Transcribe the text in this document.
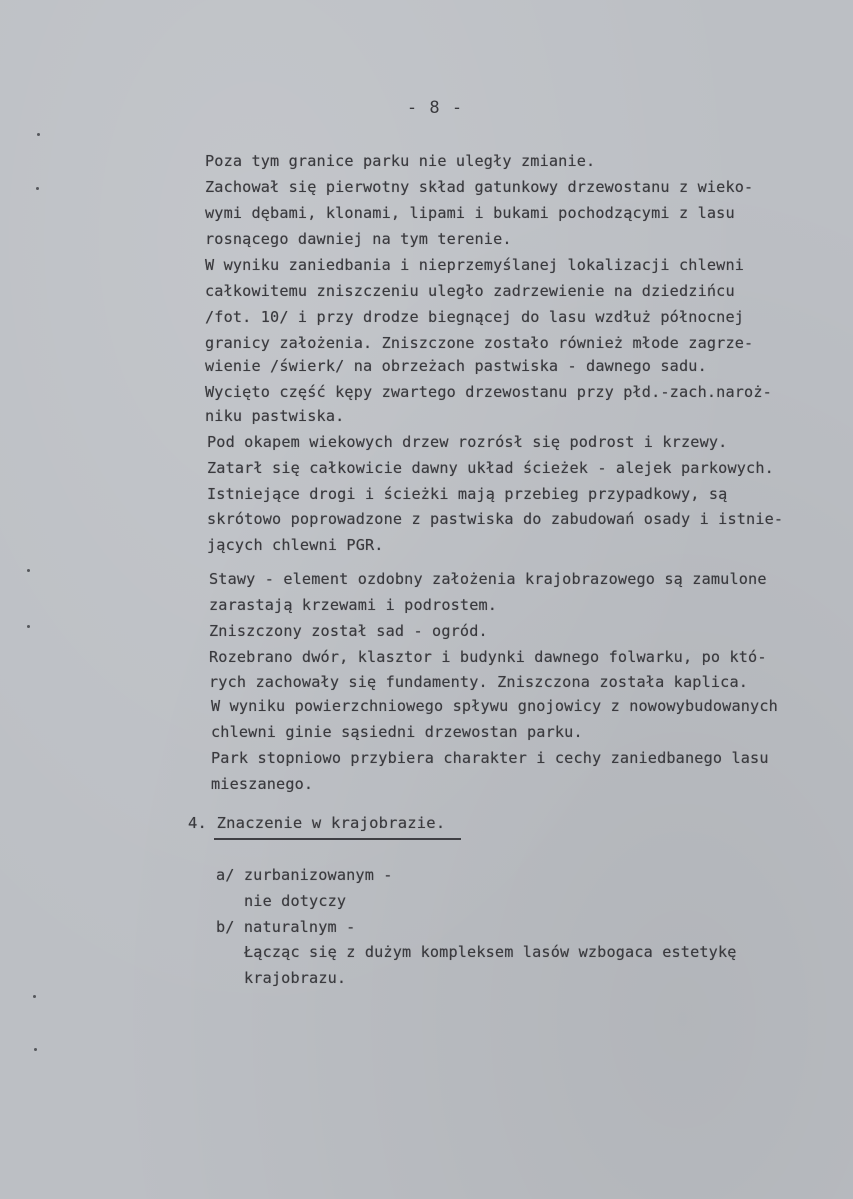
- 8 -
Poza tym granice parku nie uległy zmianie.
Zachował się pierwotny skład gatunkowy drzewostanu z wieko-
wymi dębami, klonami, lipami i bukami pochodzącymi z lasu
rosnącego dawniej na tym terenie.
W wyniku zaniedbania i nieprzemyślanej lokalizacji chlewni
całkowitemu zniszczeniu uległo zadrzewienie na dziedzińcu
/fot. 10/ i przy drodze biegnącej do lasu wzdłuż północnej
granicy założenia. Zniszczone zostało również młode zagrze-
wienie /świerk/ na obrzeżach pastwiska - dawnego sadu.
Wycięto część kępy zwartego drzewostanu przy płd.-zach.naroż-
niku pastwiska.
Pod okapem wiekowych drzew rozrósł się podrost i krzewy.
Zatarł się całkowicie dawny układ ścieżek - alejek parkowych.
Istniejące drogi i ścieżki mają przebieg przypadkowy, są
skrótowo poprowadzone z pastwiska do zabudowań osady i istnie-
jących chlewni PGR.
Stawy - element ozdobny założenia krajobrazowego są zamulone
zarastają krzewami i podrostem.
Zniszczony został sad - ogród.
Rozebrano dwór, klasztor i budynki dawnego folwarku, po któ-
rych zachowały się fundamenty. Zniszczona została kaplica.
W wyniku powierzchniowego spływu gnojowicy z nowowybudowanych
chlewni ginie sąsiedni drzewostan parku.
Park stopniowo przybiera charakter i cechy zaniedbanego lasu
mieszanego.
4. Znaczenie w krajobrazie.
a/ zurbanizowanym -
nie dotyczy
b/ naturalnym -
Łącząc się z dużym kompleksem lasów wzbogaca estetykę
krajobrazu.
